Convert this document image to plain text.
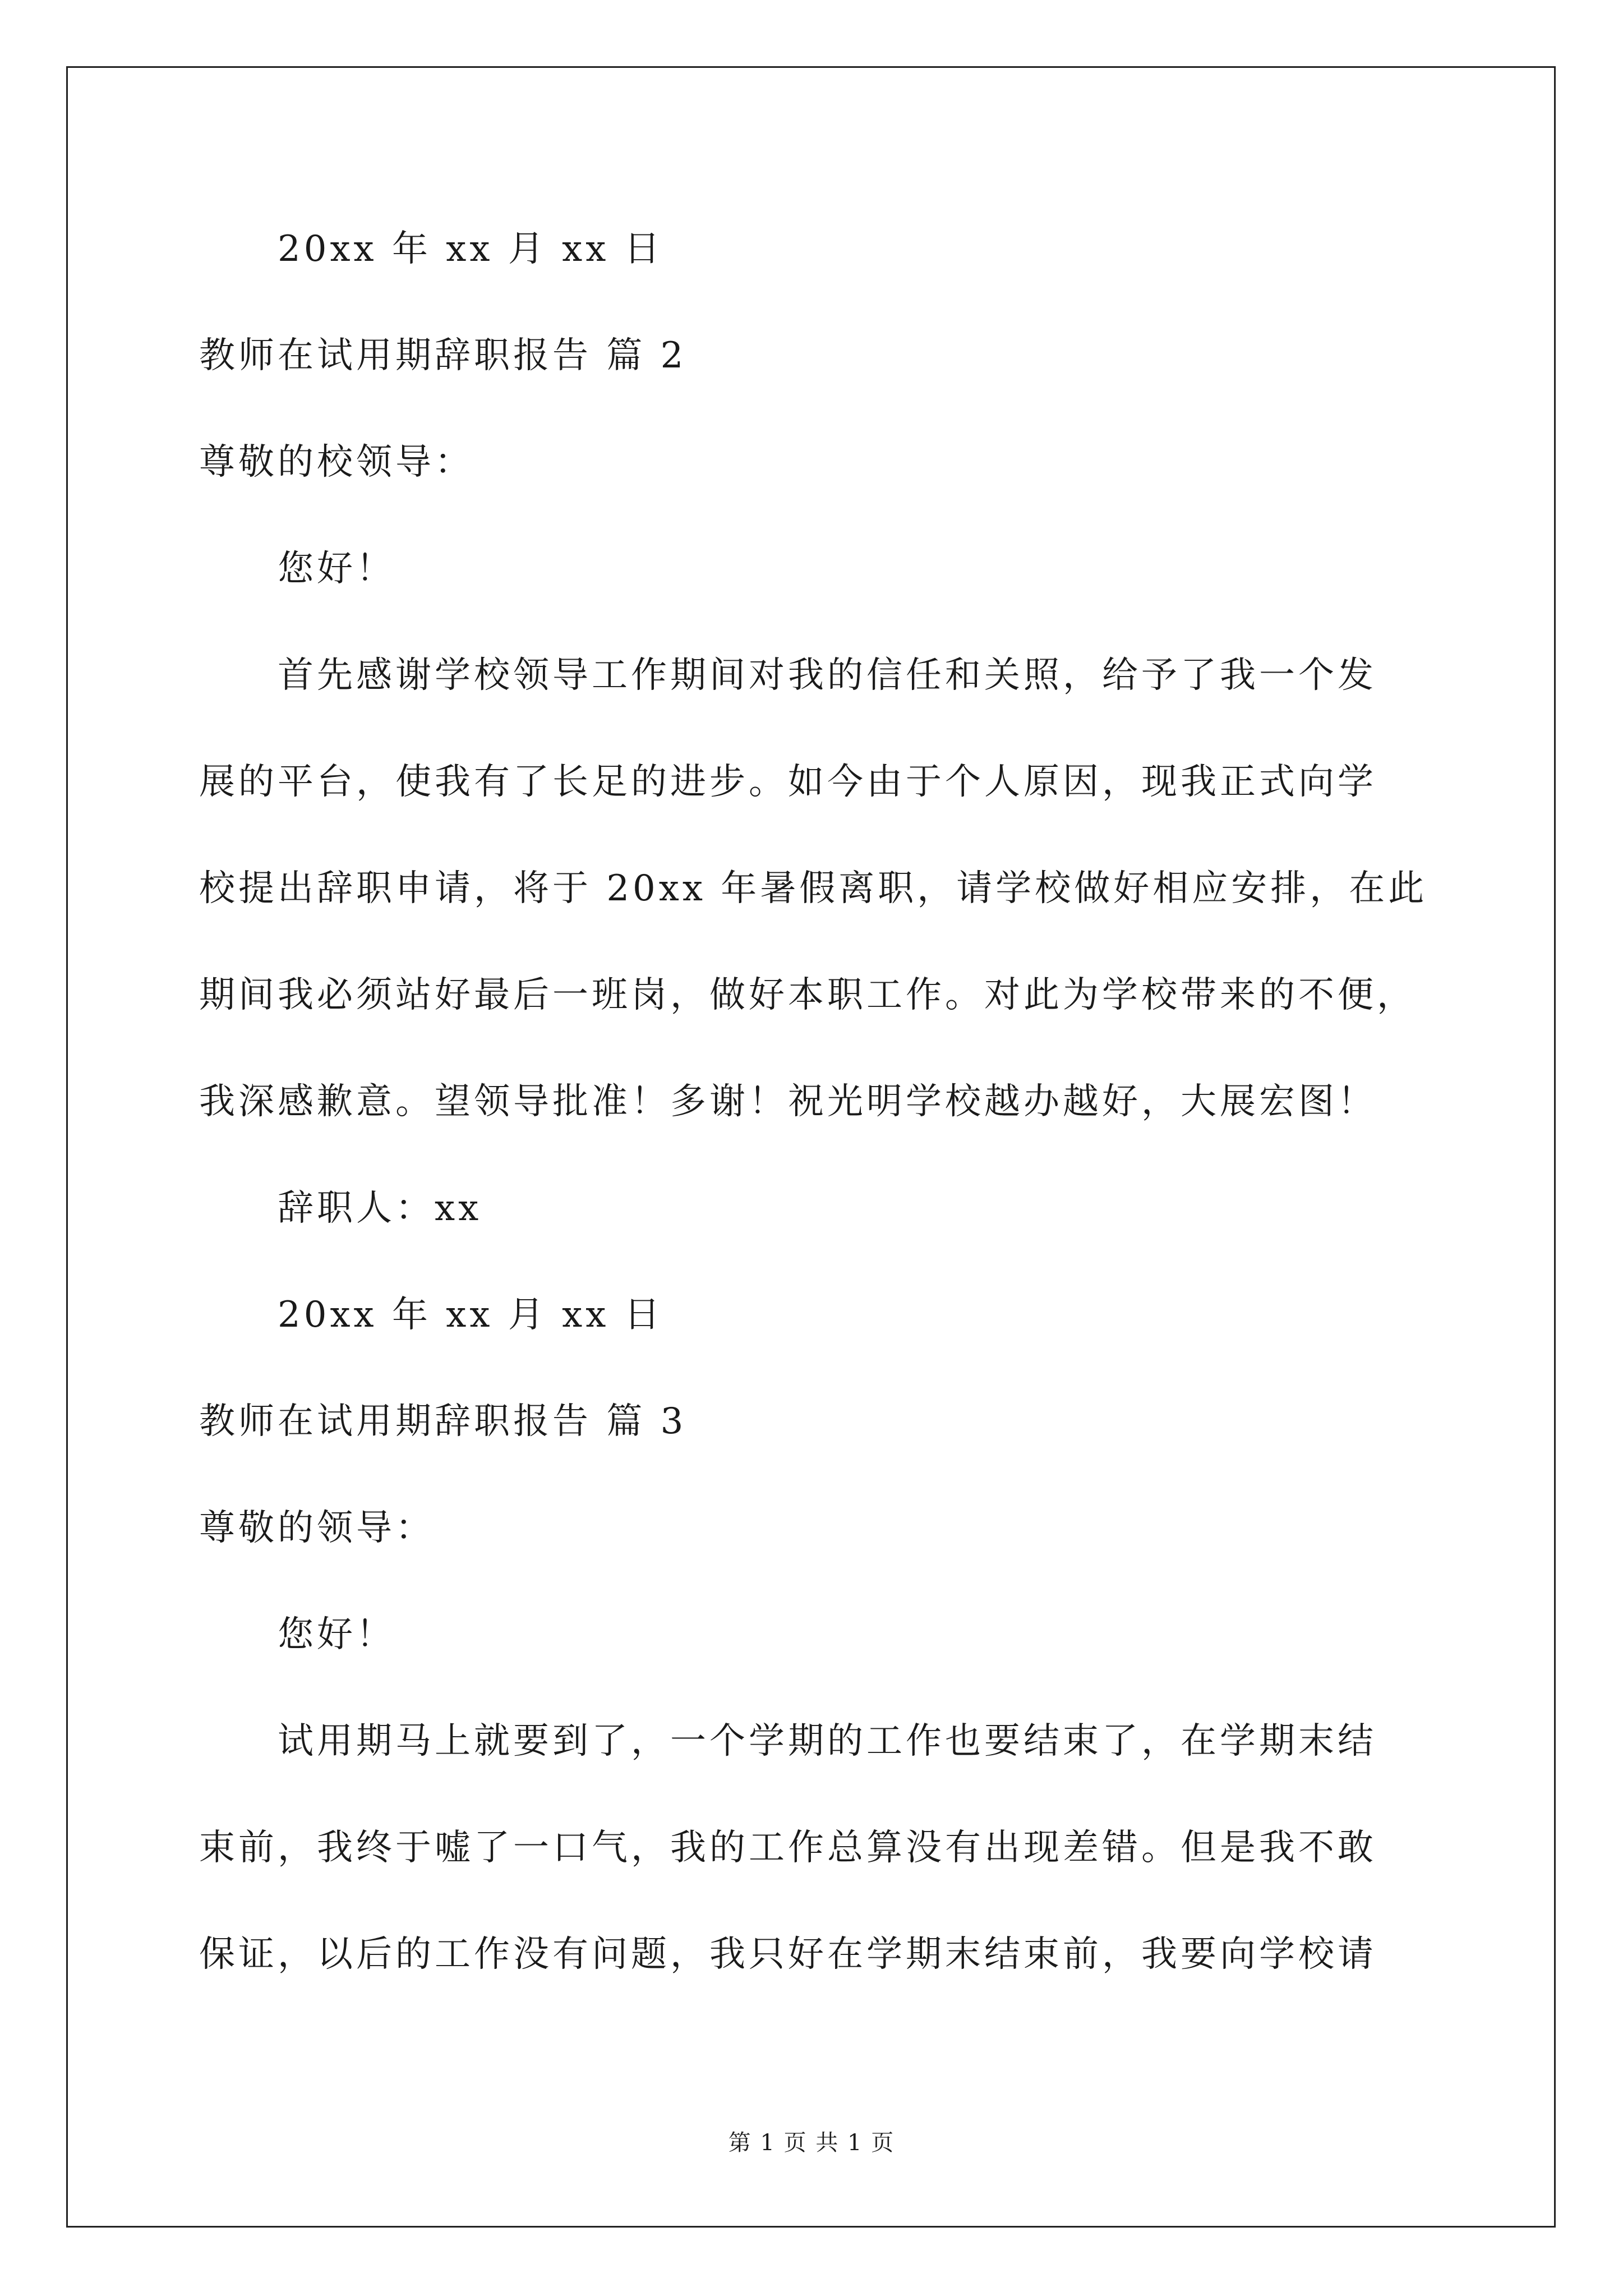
20xx 年 xx 月 xx 日
教师在试用期辞职报告 篇 2
尊敬的校领导：
您好！
首先感谢学校领导工作期间对我的信任和关照，给予了我一个发
展的平台，使我有了长足的进步。如今由于个人原因，现我正式向学
校提出辞职申请，将于 20xx 年暑假离职，请学校做好相应安排，在此
期间我必须站好最后一班岗，做好本职工作。对此为学校带来的不便，
我深感歉意。望领导批准！多谢！祝光明学校越办越好，大展宏图！
辞职人：xx
20xx 年 xx 月 xx 日
教师在试用期辞职报告 篇 3
尊敬的领导：
您好！
试用期马上就要到了，一个学期的工作也要结束了，在学期末结
束前，我终于嘘了一口气，我的工作总算没有出现差错。但是我不敢
保证，以后的工作没有问题，我只好在学期末结束前，我要向学校请
第 1 页 共 1 页
